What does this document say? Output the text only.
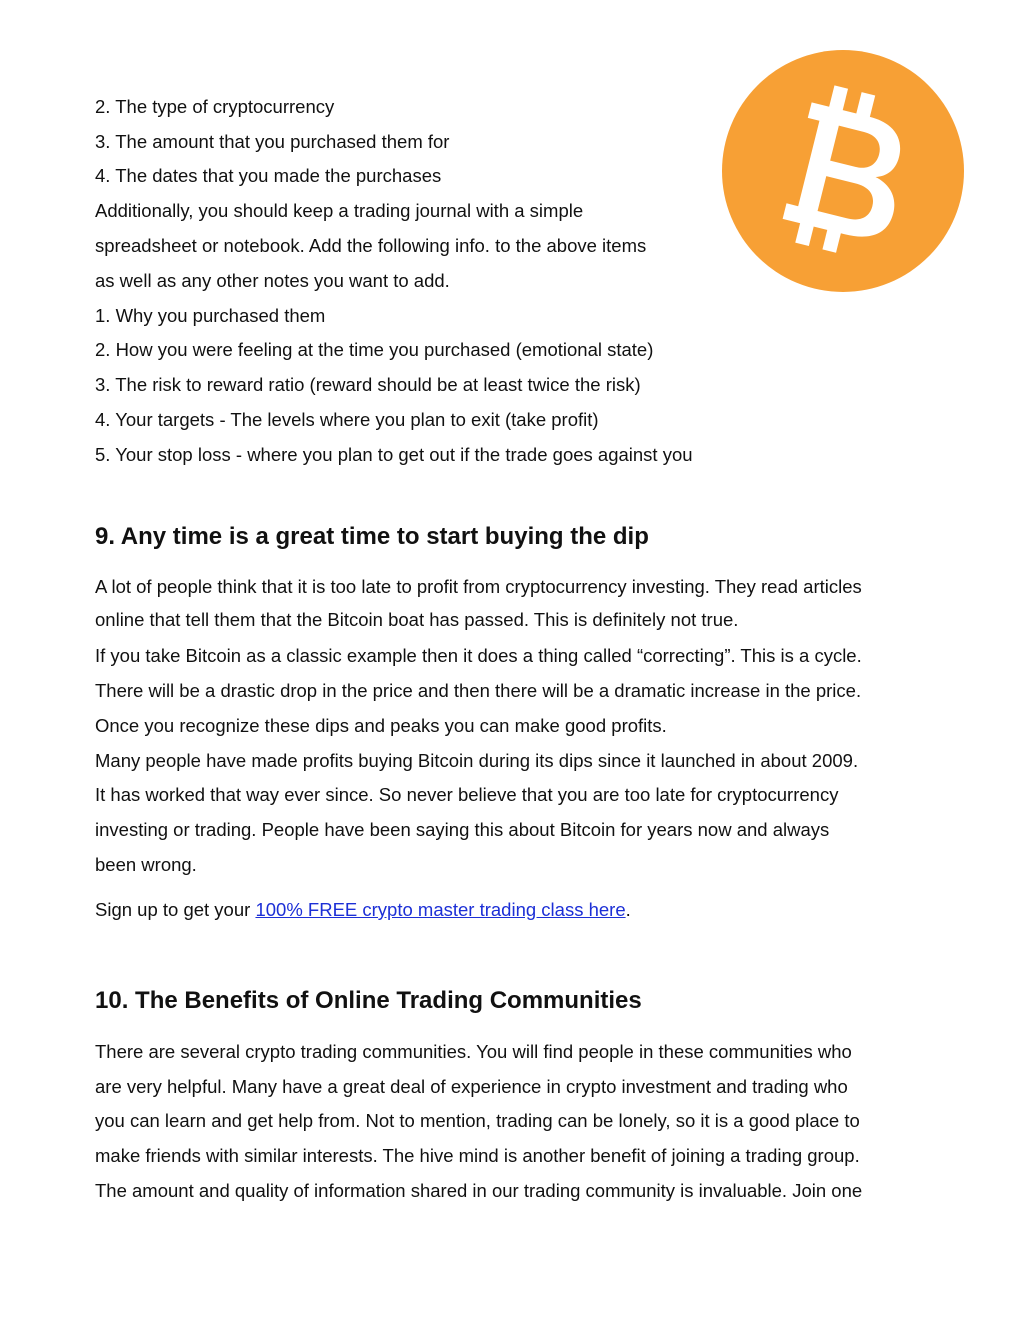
2. The type of cryptocurrency
3. The amount that you purchased them for
4. The dates that you made the purchases
Additionally, you should keep a trading journal with a simple
spreadsheet or notebook. Add the following info. to the above items
as well as any other notes you want to add.
1. Why you purchased them
2. How you were feeling at the time you purchased (emotional state)
3. The risk to reward ratio (reward should be at least twice the risk)
4. Your targets - The levels where you plan to exit (take profit)
5. Your stop loss - where you plan to get out if the trade goes against you
9. Any time is a great time to start buying the dip
A lot of people think that it is too late to profit from cryptocurrency investing. They read articles
online that tell them that the Bitcoin boat has passed. This is definitely not true.
If you take Bitcoin as a classic example then it does a thing called “correcting”. This is a cycle.
There will be a drastic drop in the price and then there will be a dramatic increase in the price.
Once you recognize these dips and peaks you can make good profits.
Many people have made profits buying Bitcoin during its dips since it launched in about 2009.
It has worked that way ever since. So never believe that you are too late for cryptocurrency
investing or trading. People have been saying this about Bitcoin for years now and always
been wrong.
Sign up to get your 100% FREE crypto master trading class here.
10. The Benefits of Online Trading Communities
There are several crypto trading communities. You will find people in these communities who
are very helpful. Many have a great deal of experience in crypto investment and trading who
you can learn and get help from. Not to mention, trading can be lonely, so it is a good place to
make friends with similar interests. The hive mind is another benefit of joining a trading group.
The amount and quality of information shared in our trading community is invaluable. Join one
